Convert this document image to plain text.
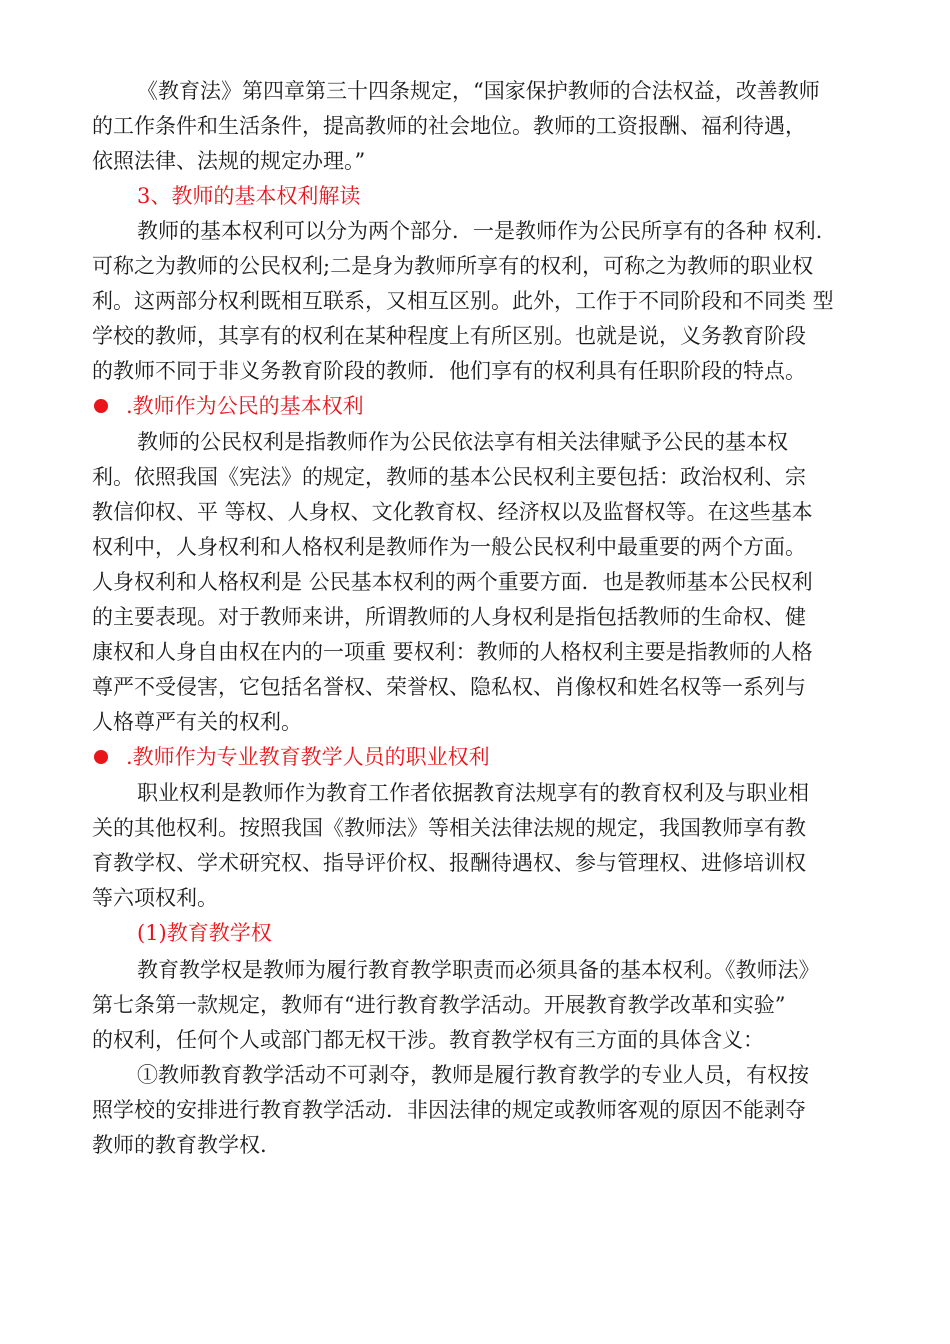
《教育法》第四章第三十四条规定，“国家保护教师的合法权益，改善教师
的工作条件和生活条件，提高教师的社会地位。教师的工资报酬、福利待遇，
依照法律、法规的规定办理。”
3、教师的基本权利解读
教师的基本权利可以分为两个部分．一是教师作为公民所享有的各种 权利.
可称之为教师的公民权利;二是身为教师所享有的权利，可称之为教师的职业权
利。这两部分权利既相互联系，又相互区别。此外，工作于不同阶段和不同类 型
学校的教师，其享有的权利在某种程度上有所区别。也就是说，义务教育阶段
的教师不同于非义务教育阶段的教师．他们享有的权利具有任职阶段的特点。
.教师作为公民的基本权利
教师的公民权利是指教师作为公民依法享有相关法律赋予公民的基本权
利。依照我国《宪法》的规定，教师的基本公民权利主要包括：政治权利、宗
教信仰权、平 等权、人身权、文化教育权、经济权以及监督权等。在这些基本
权利中，人身权利和人格权利是教师作为一般公民权利中最重要的两个方面。
人身权利和人格权利是 公民基本权利的两个重要方面．也是教师基本公民权利
的主要表现。对于教师来讲，所谓教师的人身权利是指包括教师的生命权、健
康权和人身自由权在内的一项重 要权利：教师的人格权利主要是指教师的人格
尊严不受侵害，它包括名誉权、荣誉权、隐私权、肖像权和姓名权等一系列与
人格尊严有关的权利。
.教师作为专业教育教学人员的职业权利
职业权利是教师作为教育工作者依据教育法规享有的教育权利及与职业相
关的其他权利。按照我国《教师法》等相关法律法规的规定，我国教师享有教
育教学权、学术研究权、指导评价权、报酬待遇权、参与管理权、进修培训权
等六项权利。
(1)教育教学权
教育教学权是教师为履行教育教学职责而必须具备的基本权利。《教师法》
第七条第一款规定，教师有“进行教育教学活动。开展教育教学改革和实验”
的权利，任何个人或部门都无权干涉。教育教学权有三方面的具体含义：
①教师教育教学活动不可剥夺，教师是履行教育教学的专业人员，有权按
照学校的安排进行教育教学活动．非因法律的规定或教师客观的原因不能剥夺
教师的教育教学权.
